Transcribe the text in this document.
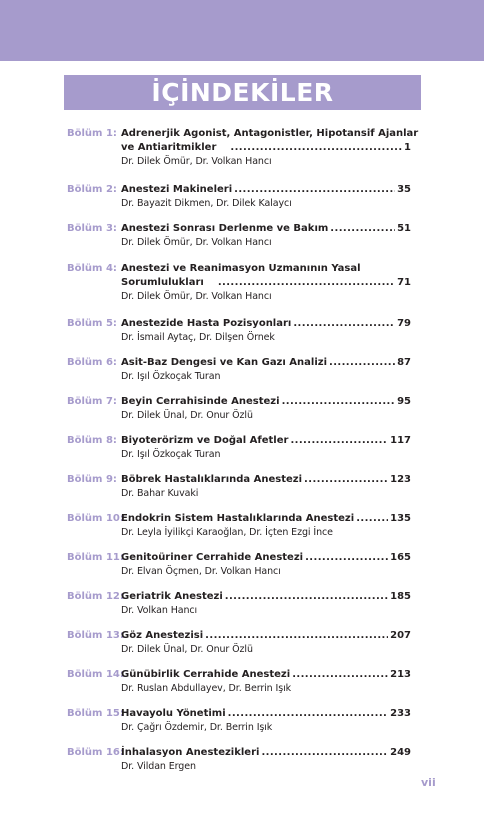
İÇİNDEKİLER
Bölüm 1: Adrenerjik Agonist, Antagonistler, Hipotansif Ajanlar
ve Antiaritmikler .....	1
Dr. Dilek Ömür, Dr. Volkan Hancı
Bölüm 2: Anestezi Makineleri .....	35
Dr. Bayazit Dikmen, Dr. Dilek Kalaycı
Bölüm 3: Anestezi Sonrası Derlenme ve Bakım .....	51
Dr. Dilek Ömür, Dr. Volkan Hancı
Bölüm 4: Anestezi ve Reanimasyon Uzmanının Yasal
Sorumlulukları .....	71
Dr. Dilek Ömür, Dr. Volkan Hancı
Bölüm 5: Anestezide Hasta Pozisyonları .....	79
Dr. İsmail Aytaç, Dr. Dilşen Örnek
Bölüm 6: Asit-Baz Dengesi ve Kan Gazı Analizi .....	87
Dr. Işıl Özkoçak Turan
Bölüm 7: Beyin Cerrahisinde Anestezi .....	95
Dr. Dilek Ünal, Dr. Onur Özlü
Bölüm 8: Biyoterörizm ve Doğal Afetler .....	117
Dr. Işıl Özkoçak Turan
Bölüm 9: Böbrek Hastalıklarında Anestezi .....	123
Dr. Bahar Kuvaki
Bölüm 10:
Endokrin Sistem Hastalıklarında Anestezi .....	135
Dr. Leyla İyilikçi Karaoğlan, Dr. İçten Ezgi İnce
Bölüm 11:
Genitoüriner Cerrahide Anestezi .....	165
Dr. Elvan Öçmen, Dr. Volkan Hancı
Bölüm 12:
Geriatrik Anestezi .....	185
Dr. Volkan Hancı
Bölüm 13:
Göz Anestezisi .....	207
Dr. Dilek Ünal, Dr. Onur Özlü
Bölüm 14:
Günübirlik Cerrahide Anestezi .....	213
Dr. Ruslan Abdullayev, Dr. Berrin Işık
Bölüm 15:
Havayolu Yönetimi .....	233
Dr. Çağrı Özdemir, Dr. Berrin Işık
Bölüm 16:
İnhalasyon Anestezikleri .....	249
Dr. Vildan Ergen
vii
